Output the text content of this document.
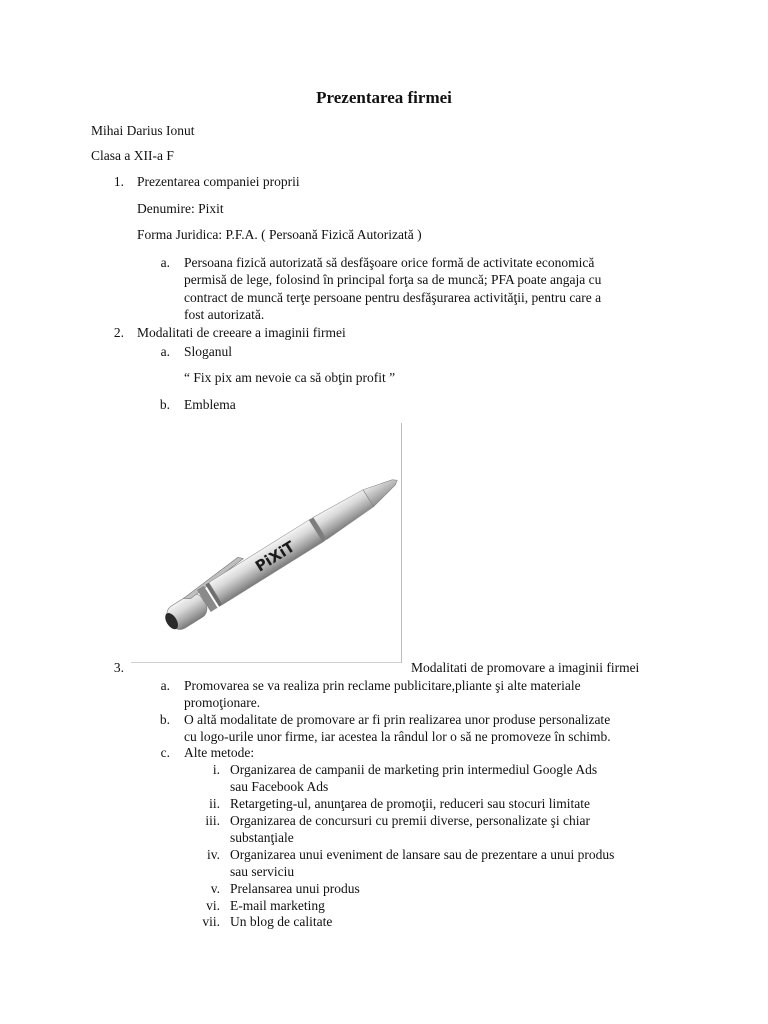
Prezentarea firmei
Mihai Darius Ionut
Clasa a XII-a F
1. Prezentarea companiei proprii
Denumire: Pixit
Forma Juridica: P.F.A. ( Persoană Fizică Autorizată )
a. Persoana fizică autorizată să desfăşoare orice formă de activitate economică
permisă de lege, folosind în principal forţa sa de muncă; PFA poate angaja cu
contract de muncă terţe persoane pentru desfăşurarea activităţii, pentru care a
fost autorizată.
2. Modalitati de creeare a imaginii firmei
a. Sloganul
“ Fix pix am nevoie ca să obţin profit ”
b. Emblema
PiXiT
3.	Modalitati de promovare a imaginii firmei
a. Promovarea se va realiza prin reclame publicitare,pliante şi alte materiale
promoţionare.
b. O altă modalitate de promovare ar fi prin realizarea unor produse personalizate
cu logo-urile unor firme, iar acestea la rândul lor o să ne promoveze în schimb.
c. Alte metode:
i. Organizarea de campanii de marketing prin intermediul Google Ads
sau Facebook Ads
ii. Retargeting-ul, anunţarea de promoţii, reduceri sau stocuri limitate
iii. Organizarea de concursuri cu premii diverse, personalizate şi chiar
substanţiale
iv. Organizarea unui eveniment de lansare sau de prezentare a unui produs
sau serviciu
v. Prelansarea unui produs
vi. E-mail marketing
vii. Un blog de calitate
